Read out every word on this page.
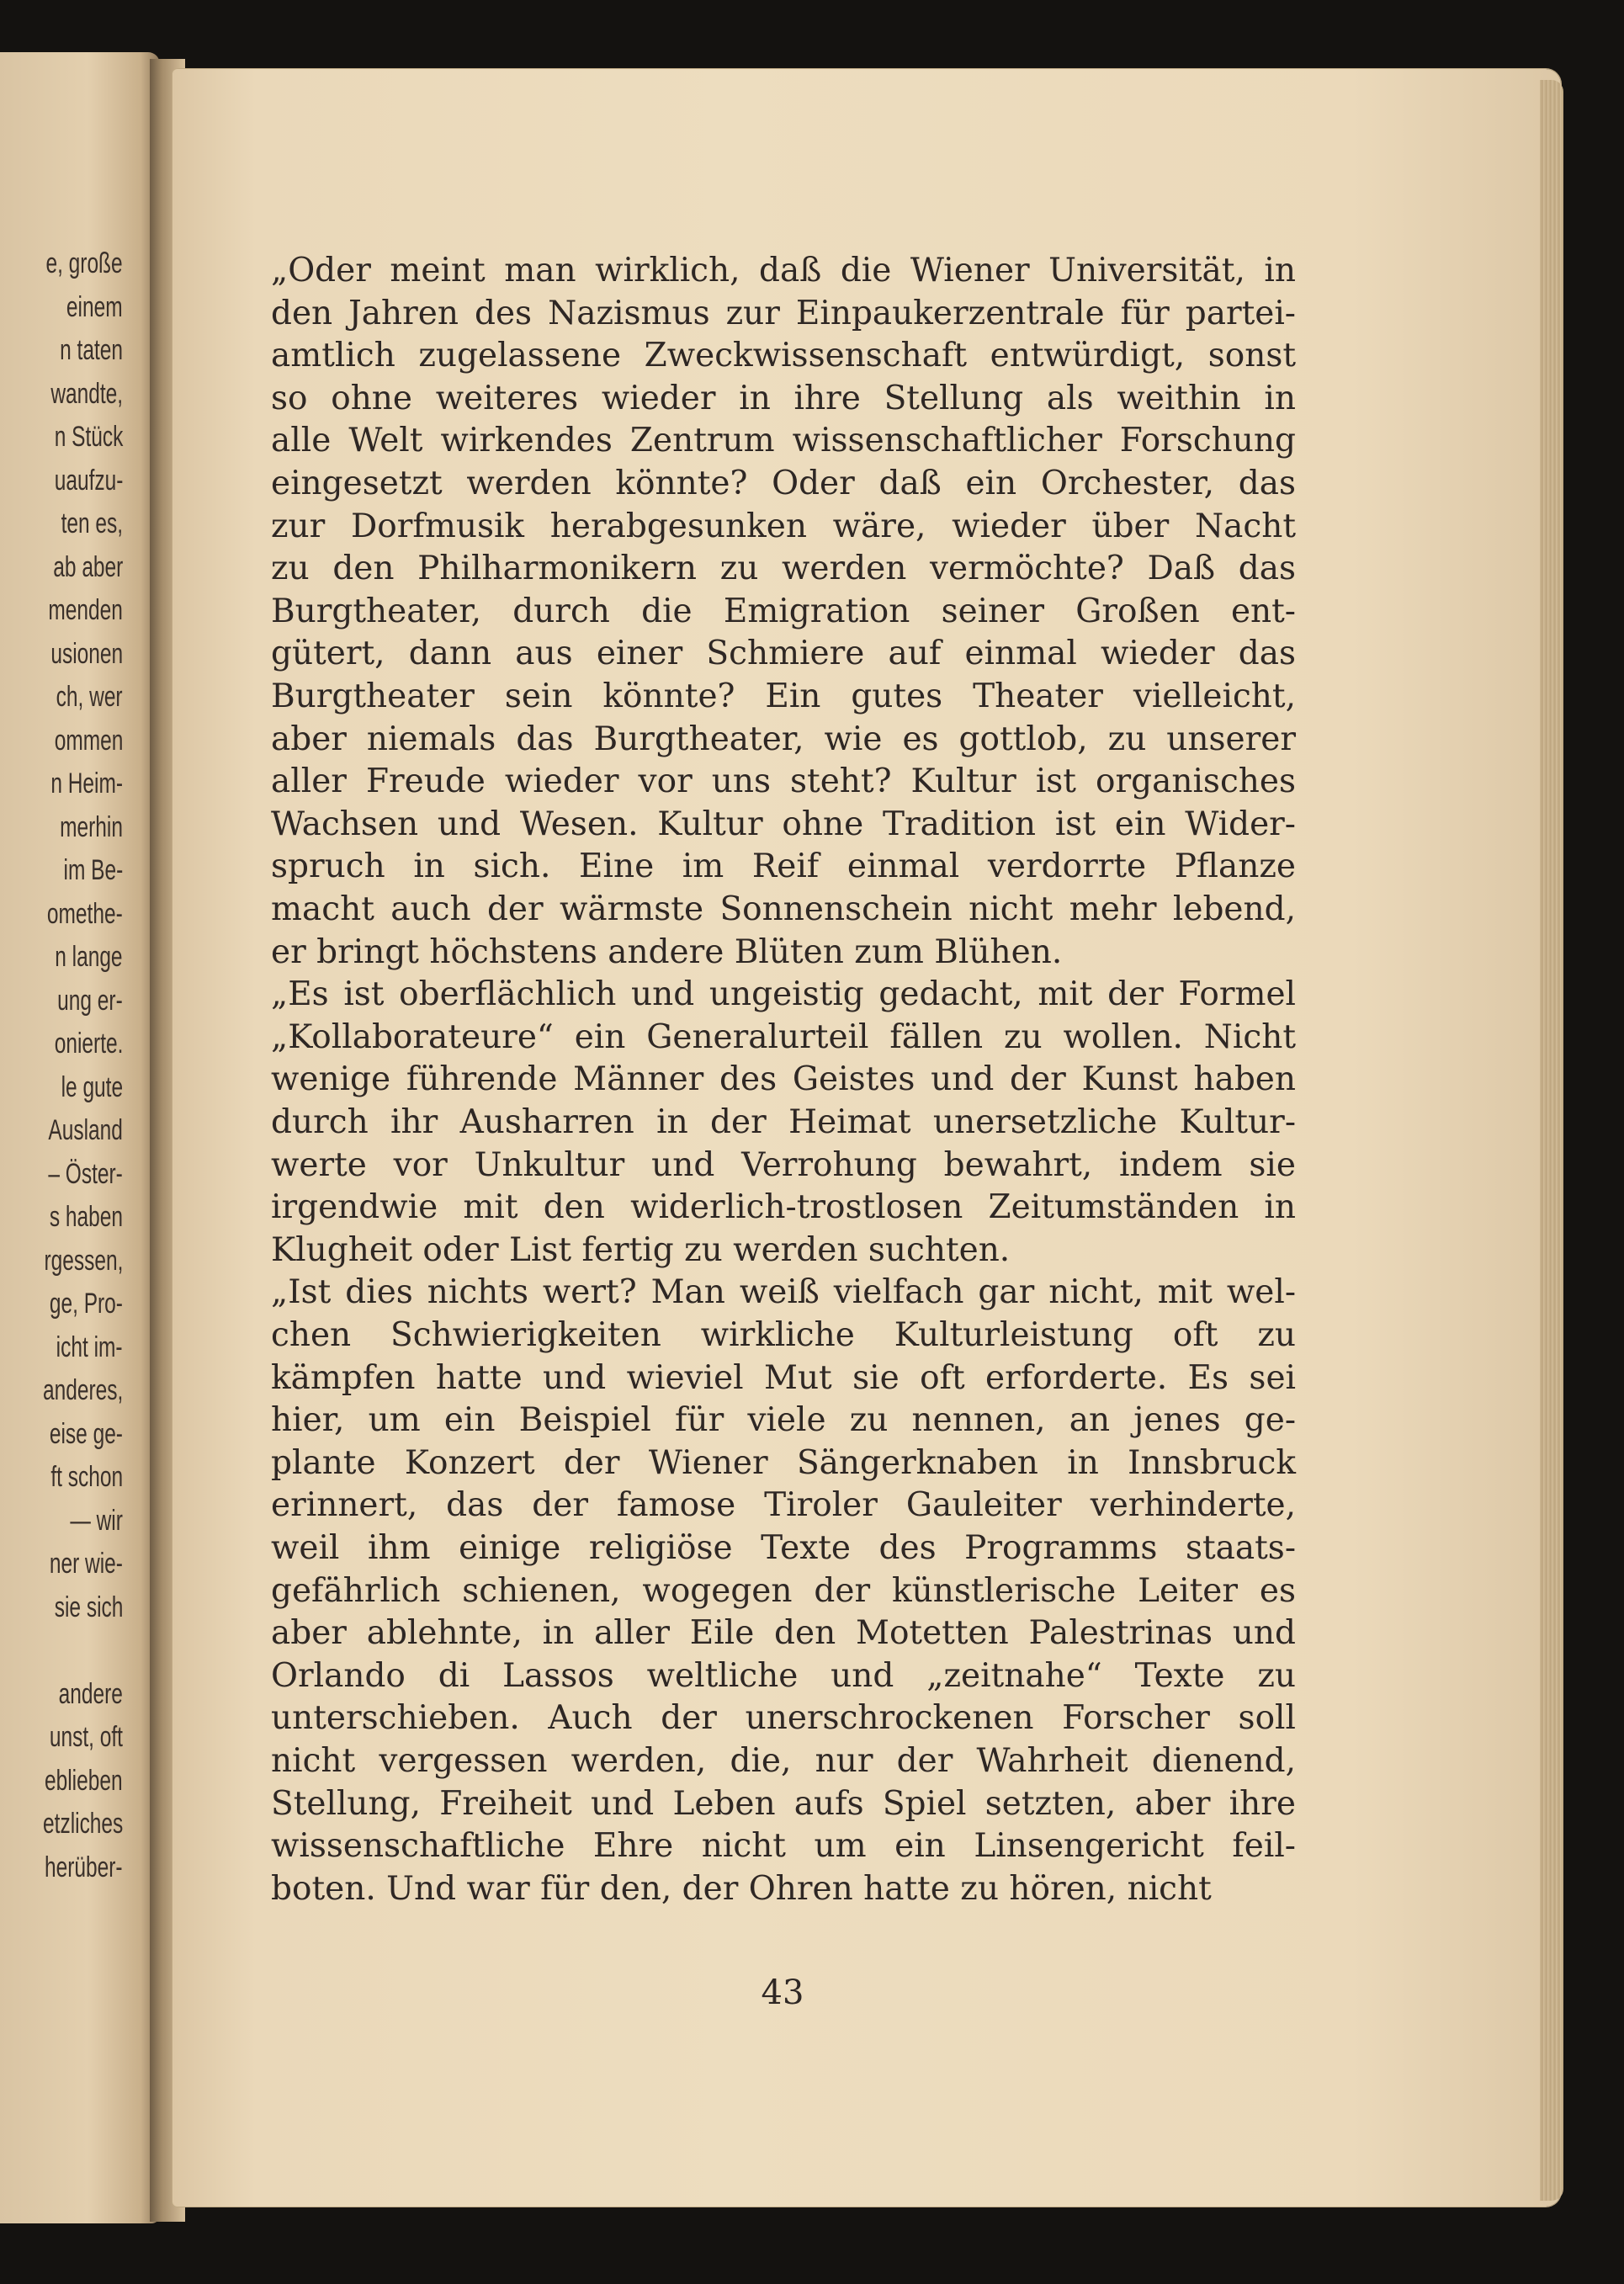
e, große
einem
n taten
wandte,
n Stück
uaufzu-
ten es,
ab aber
menden
usionen
ch, wer
ommen
n Heim-
merhin
im Be-
omethe-
n lange
ung er-
onierte.
le gute
Ausland
– Öster-
s haben
rgessen,
ge, Pro-
icht im-
anderes,
eise ge-
ft schon
— wir
ner wie-
sie sich
andere
unst, oft
eblieben
etzliches
herüber-
„Oder meint man wirklich, daß die Wiener Universität, in
den Jahren des Nazismus zur Einpaukerzentrale für partei-
amtlich zugelassene Zweckwissenschaft entwürdigt, sonst
so ohne weiteres wieder in ihre Stellung als weithin in
alle Welt wirkendes Zentrum wissenschaftlicher Forschung
eingesetzt werden könnte? Oder daß ein Orchester, das
zur Dorfmusik herabgesunken wäre, wieder über Nacht
zu den Philharmonikern zu werden vermöchte? Daß das
Burgtheater, durch die Emigration seiner Großen ent-
gütert, dann aus einer Schmiere auf einmal wieder das
Burgtheater sein könnte? Ein gutes Theater vielleicht,
aber niemals das Burgtheater, wie es gottlob, zu unserer
aller Freude wieder vor uns steht? Kultur ist organisches
Wachsen und Wesen. Kultur ohne Tradition ist ein Wider-
spruch in sich. Eine im Reif einmal verdorrte Pflanze
macht auch der wärmste Sonnenschein nicht mehr lebend,
er bringt höchstens andere Blüten zum Blühen.
„Es ist oberflächlich und ungeistig gedacht, mit der Formel
„Kollaborateure“ ein Generalurteil fällen zu wollen. Nicht
wenige führende Männer des Geistes und der Kunst haben
durch ihr Ausharren in der Heimat unersetzliche Kultur-
werte vor Unkultur und Verrohung bewahrt, indem sie
irgendwie mit den widerlich-trostlosen Zeitumständen in
Klugheit oder List fertig zu werden suchten.
„Ist dies nichts wert? Man weiß vielfach gar nicht, mit wel-
chen Schwierigkeiten wirkliche Kulturleistung oft zu
kämpfen hatte und wieviel Mut sie oft erforderte. Es sei
hier, um ein Beispiel für viele zu nennen, an jenes ge-
plante Konzert der Wiener Sängerknaben in Innsbruck
erinnert, das der famose Tiroler Gauleiter verhinderte,
weil ihm einige religiöse Texte des Programms staats-
gefährlich schienen, wogegen der künstlerische Leiter es
aber ablehnte, in aller Eile den Motetten Palestrinas und
Orlando di Lassos weltliche und „zeitnahe“ Texte zu
unterschieben. Auch der unerschrockenen Forscher soll
nicht vergessen werden, die, nur der Wahrheit dienend,
Stellung, Freiheit und Leben aufs Spiel setzten, aber ihre
wissenschaftliche Ehre nicht um ein Linsengericht feil-
boten. Und war für den, der Ohren hatte zu hören, nicht
43
